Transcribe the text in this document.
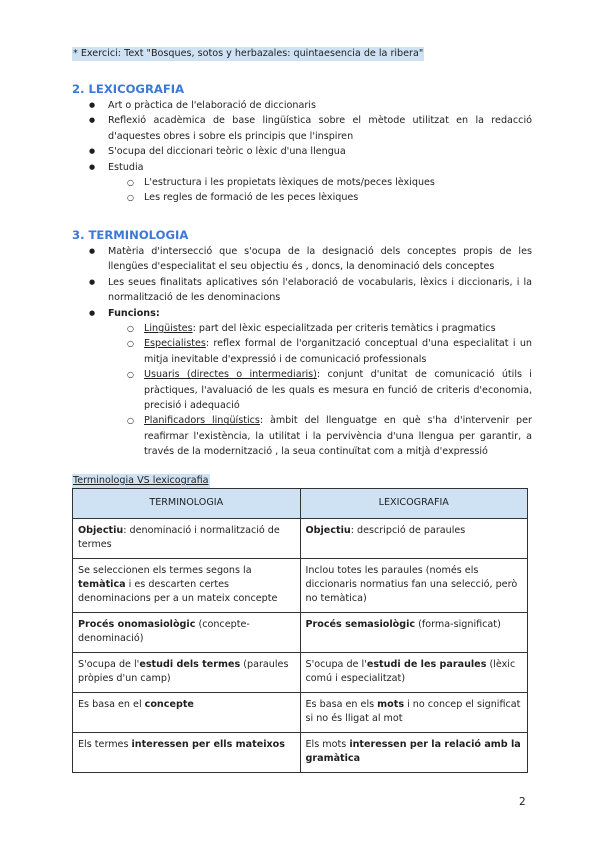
* Exercici: Text "Bosques, sotos y herbazales: quintaesencia de la ribera"
2. LEXICOGRAFIA
● Art o pràctica de l'elaboració de diccionaris
● Reflexió acadèmica de base lingüística sobre el mètode utilitzat en la redacció d'aquestes obres i sobre els principis que l'inspiren
● S'ocupa del diccionari teòric o lèxic d'una llengua
● Estudia
○ L'estructura i les propietats lèxiques de mots/peces lèxiques
○ Les regles de formació de les peces lèxiques
3. TERMINOLOGIA
● Matèria d'intersecció que s'ocupa de la designació dels conceptes propis de les llengües d'especialitat el seu objectiu és , doncs, la denominació dels conceptes
● Les seues finalitats aplicatives són l'elaboració de vocabularis, lèxics i diccionaris, i la normalització de les denominacions
● Funcions:
○ Lingüistes: part del lèxic especialitzada per criteris temàtics i pragmatics
○ Especialistes: reflex formal de l'organització conceptual d'una especialitat i un mitja inevitable d'expressió i de comunicació professionals
○ Usuaris (directes o intermediaris): conjunt d'unitat de comunicació útils i pràctiques, l'avaluació de les quals es mesura en funció de criteris d'economia, precisió i adequació
○ Planificadors lingüístics: àmbit del llenguatge en què s'ha d'intervenir per reafirmar l'existència, la utilitat i la pervivència d'una llengua per garantir, a través de la modernització , la seua continuïtat com a mitjà d'expressió
Terminologia VS lexicografia
TERMINOLOGIA	LEXICOGRAFIA
Objectiu: denominació i normalització de termes	Objectiu: descripció de paraules
Se seleccionen els termes segons la temàtica i es descarten certes denominacions per a un mateix concepte	Inclou totes les paraules (només els diccionaris normatius fan una selecció, però no temàtica)
Procés onomasiològic (concepte-denominació)	Procés semasiològic (forma-significat)
S'ocupa de l'estudi dels termes (paraules pròpies d'un camp)	S'ocupa de l'estudi de les paraules (lèxic comú i especialitzat)
Es basa en el concepte	Es basa en els mots i no concep el significat si no és lligat al mot
Els termes interessen per ells mateixos	Els mots interessen per la relació amb la gramàtica
2
